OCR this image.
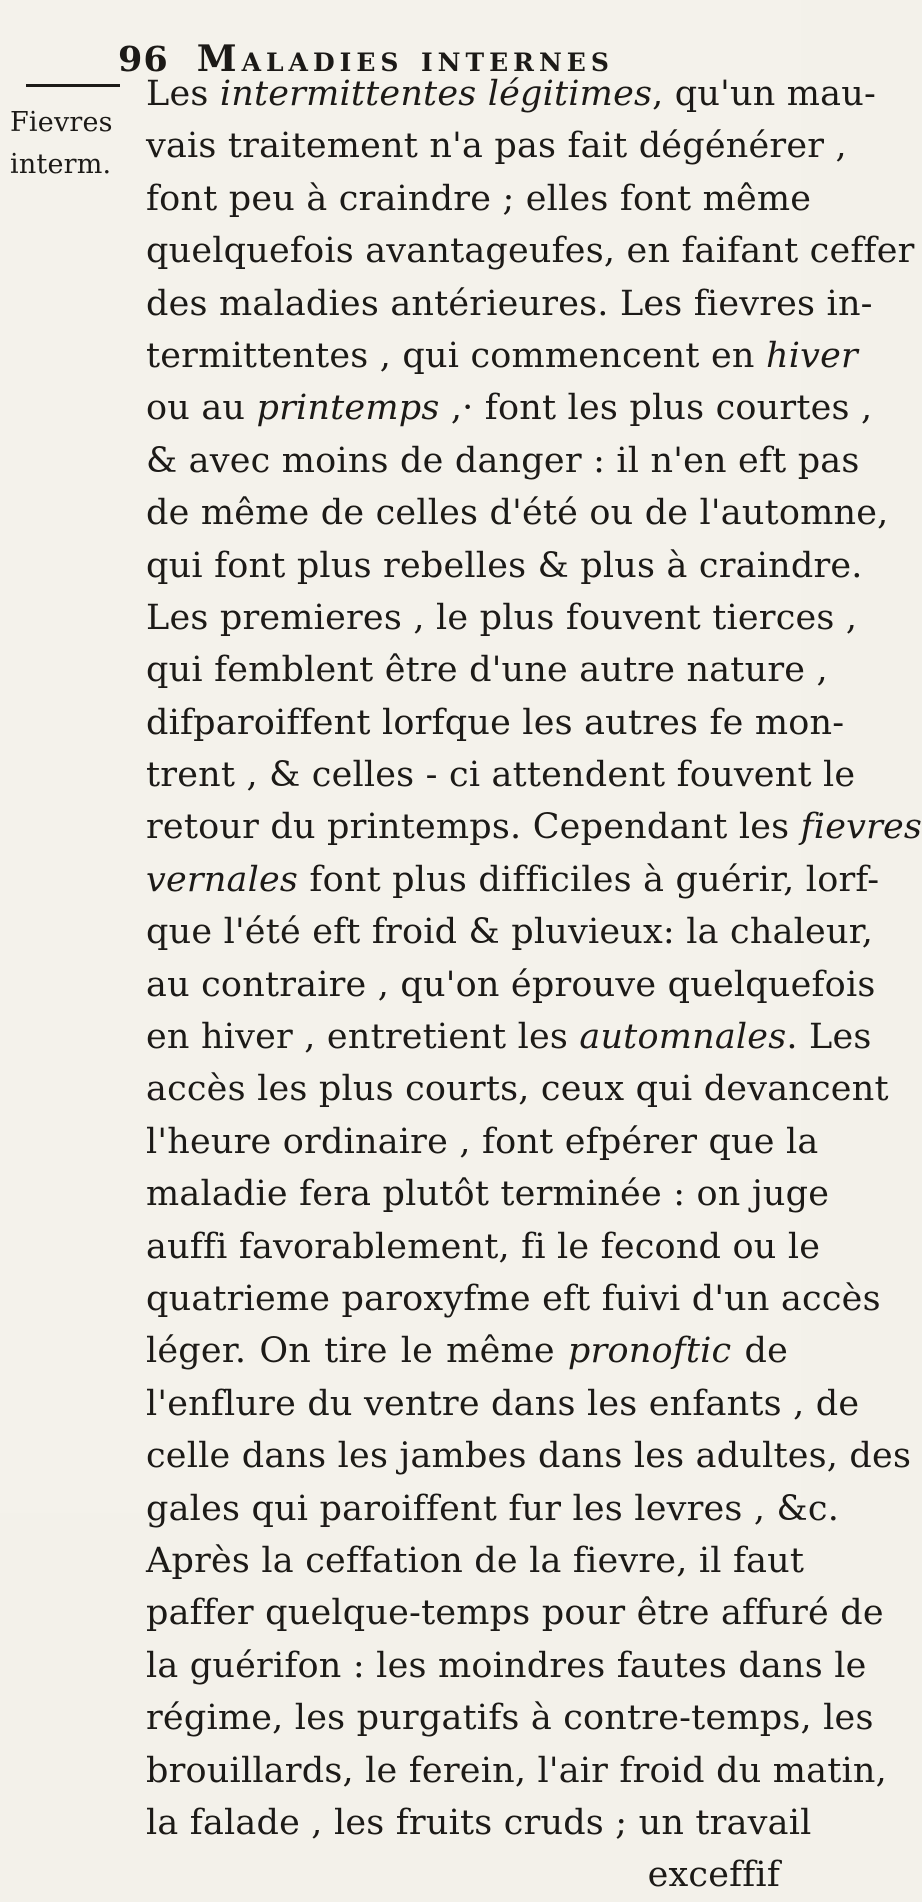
96 Maladies internes
Fievres
interm.
Les intermittentes légitimes, qu'un mau-
vais traitement n'a pas fait dégénérer ,
font peu à craindre ; elles font même
quelquefois avantageufes, en faifant ceffer
des maladies antérieures. Les fievres in-
termittentes , qui commencent en hiver
ou au printemps ,· font les plus courtes ,
& avec moins de danger : il n'en eft pas
de même de celles d'été ou de l'automne,
qui font plus rebelles & plus à craindre.
Les premieres , le plus fouvent tierces ,
qui femblent être d'une autre nature ,
difparoiffent lorfque les autres fe mon-
trent , & celles - ci attendent fouvent le
retour du printemps. Cependant les fievres
vernales font plus difficiles à guérir, lorf-
que l'été eft froid & pluvieux: la chaleur,
au contraire , qu'on éprouve quelquefois
en hiver , entretient les automnales. Les
accès les plus courts, ceux qui devancent
l'heure ordinaire , font efpérer que la
maladie fera plutôt terminée : on juge
auffi favorablement, fi le fecond ou le
quatrieme paroxyfme eft fuivi d'un accès
léger. On tire le même pronoftic de
l'enflure du ventre dans les enfants , de
celle dans les jambes dans les adultes, des
gales qui paroiffent fur les levres , &c.
Après la ceffation de la fievre, il faut
paffer quelque-temps pour être affuré de
la guérifon : les moindres fautes dans le
régime, les purgatifs à contre-temps, les
brouillards, le ferein, l'air froid du matin,
la falade , les fruits cruds ; un travail
exceffif
